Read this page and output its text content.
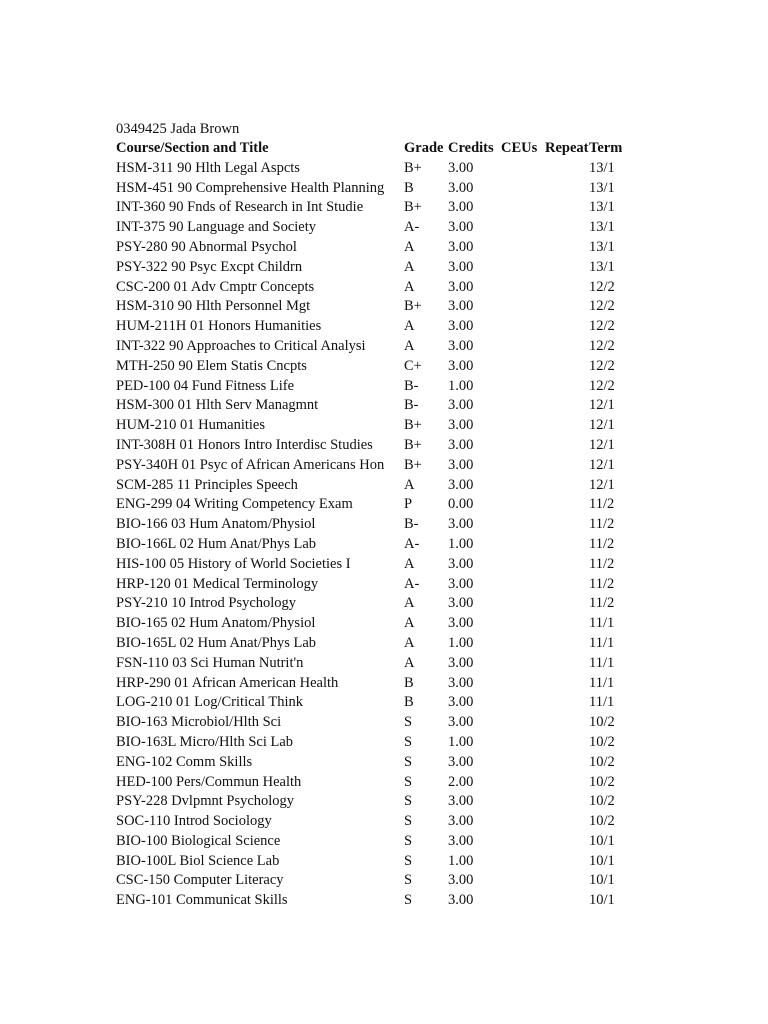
0349425 Jada Brown
Course/Section and Title	Grade	Credits	CEUs	Repeat	Term
HSM-311 90 Hlth Legal Aspcts	B+	3.00			13/1
HSM-451 90 Comprehensive Health Planning	B	3.00			13/1
INT-360 90 Fnds of Research in Int Studie	B+	3.00			13/1
INT-375 90 Language and Society	A-	3.00			13/1
PSY-280 90 Abnormal Psychol	A	3.00			13/1
PSY-322 90 Psyc Excpt Childrn	A	3.00			13/1
CSC-200 01 Adv Cmptr Concepts	A	3.00			12/2
HSM-310 90 Hlth Personnel Mgt	B+	3.00			12/2
HUM-211H 01 Honors Humanities	A	3.00			12/2
INT-322 90 Approaches to Critical Analysi	A	3.00			12/2
MTH-250 90 Elem Statis Cncpts	C+	3.00			12/2
PED-100 04 Fund Fitness Life	B-	1.00			12/2
HSM-300 01 Hlth Serv Managmnt	B-	3.00			12/1
HUM-210 01 Humanities	B+	3.00			12/1
INT-308H 01 Honors Intro Interdisc Studies	B+	3.00			12/1
PSY-340H 01 Psyc of African Americans Hon	B+	3.00			12/1
SCM-285 11 Principles Speech	A	3.00			12/1
ENG-299 04 Writing Competency Exam	P	0.00			11/2
BIO-166 03 Hum Anatom/Physiol	B-	3.00			11/2
BIO-166L 02 Hum Anat/Phys Lab	A-	1.00			11/2
HIS-100 05 History of World Societies I	A	3.00			11/2
HRP-120 01 Medical Terminology	A-	3.00			11/2
PSY-210 10 Introd Psychology	A	3.00			11/2
BIO-165 02 Hum Anatom/Physiol	A	3.00			11/1
BIO-165L 02 Hum Anat/Phys Lab	A	1.00			11/1
FSN-110 03 Sci Human Nutrit'n	A	3.00			11/1
HRP-290 01 African American Health	B	3.00			11/1
LOG-210 01 Log/Critical Think	B	3.00			11/1
BIO-163 Microbiol/Hlth Sci	S	3.00			10/2
BIO-163L Micro/Hlth Sci Lab	S	1.00			10/2
ENG-102 Comm Skills	S	3.00			10/2
HED-100 Pers/Commun Health	S	2.00			10/2
PSY-228 Dvlpmnt Psychology	S	3.00			10/2
SOC-110 Introd Sociology	S	3.00			10/2
BIO-100 Biological Science	S	3.00			10/1
BIO-100L Biol Science Lab	S	1.00			10/1
CSC-150 Computer Literacy	S	3.00			10/1
ENG-101 Communicat Skills	S	3.00			10/1
